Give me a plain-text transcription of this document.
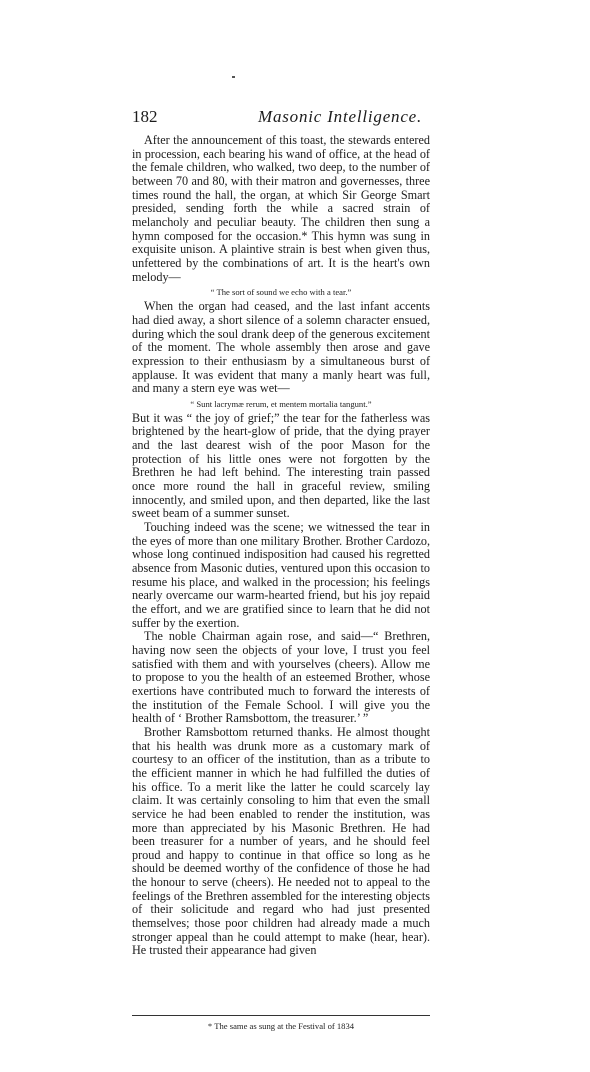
182	Masonic Intelligence.

After the announcement of this toast, the stewards entered in procession, each bearing his wand of office, at the head of the female children, who walked, two deep, to the number of between 70 and 80, with their matron and governesses, three times round the hall, the organ, at which Sir George Smart presided, sending forth the while a sacred strain of melancholy and peculiar beauty. The children then sung a hymn composed for the occasion.* This hymn was sung in exquisite unison. A plaintive strain is best when given thus, unfettered by the combinations of art. It is the heart's own melody—

“ The sort of sound we echo with a tear.”

When the organ had ceased, and the last infant accents had died away, a short silence of a solemn character ensued, during which the soul drank deep of the generous excitement of the moment. The whole assembly then arose and gave expression to their enthusiasm by a simultaneous burst of applause. It was evident that many a manly heart was full, and many a stern eye was wet—

“ Sunt lacrymæ rerum, et mentem mortalia tangunt.”

But it was “ the joy of grief;” the tear for the fatherless was brightened by the heart-glow of pride, that the dying prayer and the last dearest wish of the poor Mason for the protection of his little ones were not forgotten by the Brethren he had left behind. The interesting train passed once more round the hall in graceful review, smiling innocently, and smiled upon, and then departed, like the last sweet beam of a summer sunset.

Touching indeed was the scene; we witnessed the tear in the eyes of more than one military Brother. Brother Cardozo, whose long continued indisposition had caused his regretted absence from Masonic duties, ventured upon this occasion to resume his place, and walked in the procession; his feelings nearly overcame our warm-hearted friend, but his joy repaid the effort, and we are gratified since to learn that he did not suffer by the exertion.

The noble Chairman again rose, and said—“ Brethren, having now seen the objects of your love, I trust you feel satisfied with them and with yourselves (cheers). Allow me to propose to you the health of an esteemed Brother, whose exertions have contributed much to forward the interests of the institution of the Female School. I will give you the health of ‘ Brother Ramsbottom, the treasurer.’ ”

Brother Ramsbottom returned thanks. He almost thought that his health was drunk more as a customary mark of courtesy to an officer of the institution, than as a tribute to the efficient manner in which he had fulfilled the duties of his office. To a merit like the latter he could scarcely lay claim. It was certainly consoling to him that even the small service he had been enabled to render the institution, was more than appreciated by his Masonic Brethren. He had been treasurer for a number of years, and he should feel proud and happy to continue in that office so long as he should be deemed worthy of the confidence of those he had the honour to serve (cheers). He needed not to appeal to the feelings of the Brethren assembled for the interesting objects of their solicitude and regard who had just presented themselves; those poor children had already made a much stronger appeal than he could attempt to make (hear, hear). He trusted their appearance had given

* The same as sung at the Festival of 1834
